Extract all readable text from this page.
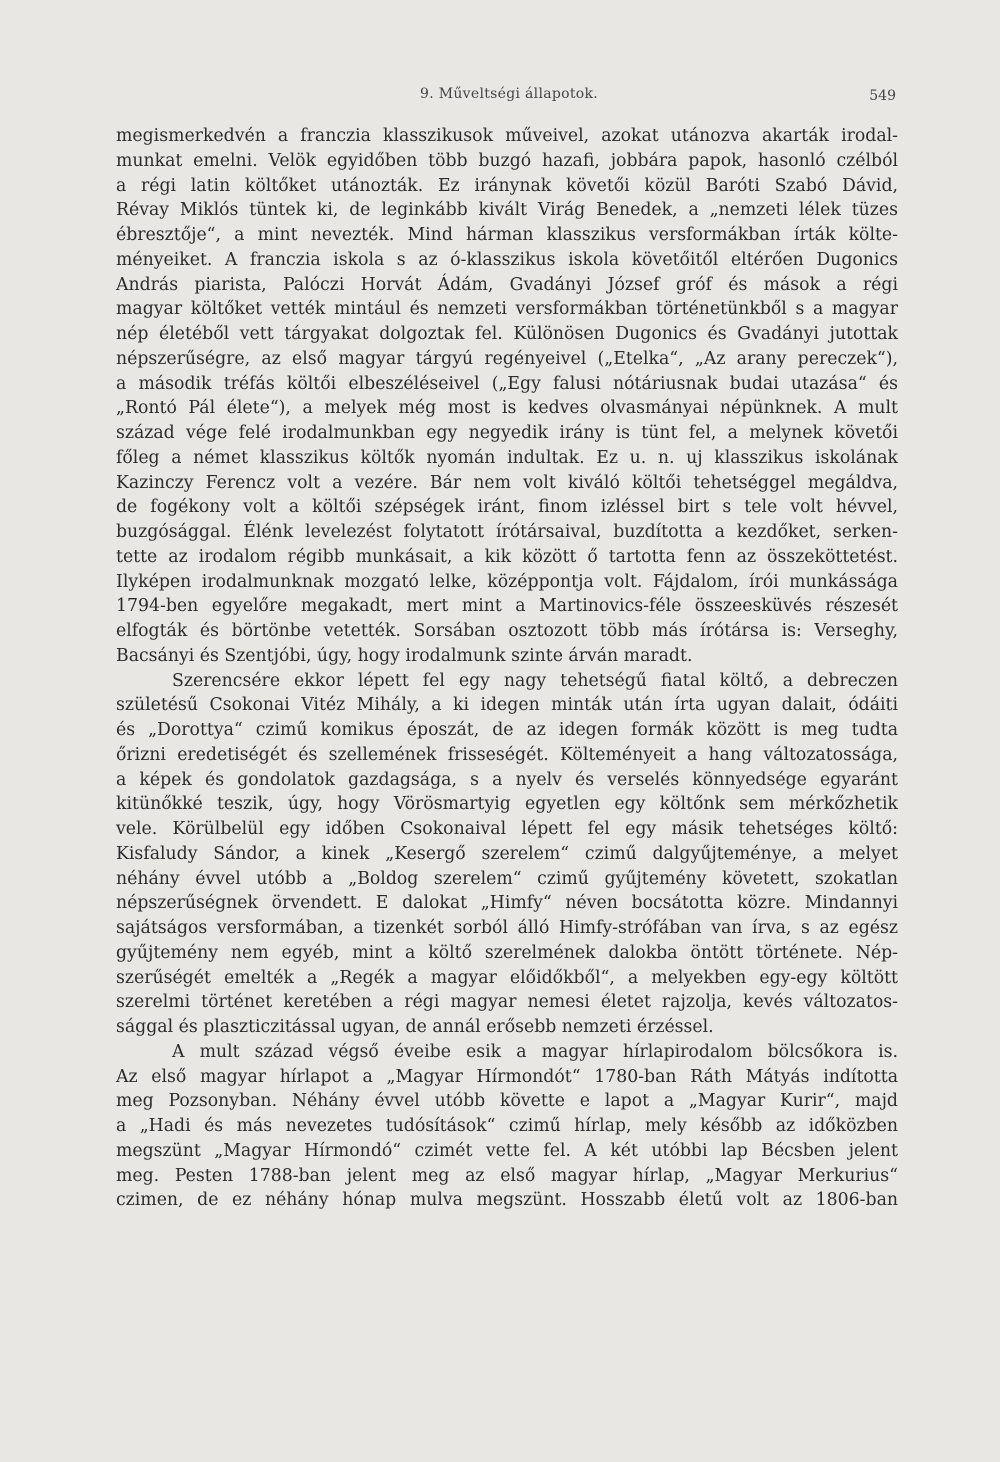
9. Műveltségi állapotok.	549
megismerkedvén a franczia klasszikusok műveivel, azokat utánozva akarták irodal-
munkat emelni. Velök egyidőben több buzgó hazafi, jobbára papok, hasonló czélból
a régi latin költőket utánozták. Ez iránynak követői közül Baróti Szabó Dávid,
Révay Miklós tüntek ki, de leginkább kivált Virág Benedek, a „nemzeti lélek tüzes
ébresztője“, a mint nevezték. Mind hárman klasszikus versformákban írták költe-
ményeiket. A franczia iskola s az ó-klasszikus iskola követőitől eltérően Dugonics
András piarista, Palóczi Horvát Ádám, Gvadányi József gróf és mások a régi
magyar költőket vették mintául és nemzeti versformákban történetünkből s a magyar
nép életéből vett tárgyakat dolgoztak fel. Különösen Dugonics és Gvadányi jutottak
népszerűségre, az első magyar tárgyú regényeivel („Etelka“, „Az arany pereczek“),
a második tréfás költői elbeszéléseivel („Egy falusi nótáriusnak budai utazása“ és
„Rontó Pál élete“), a melyek még most is kedves olvasmányai népünknek. A mult
század vége felé irodalmunkban egy negyedik irány is tünt fel, a melynek követői
főleg a német klasszikus költők nyomán indultak. Ez u. n. uj klasszikus iskolának
Kazinczy Ferencz volt a vezére. Bár nem volt kiváló költői tehetséggel megáldva,
de fogékony volt a költői szépségek iránt, finom izléssel birt s tele volt hévvel,
buzgósággal. Élénk levelezést folytatott írótársaival, buzdította a kezdőket, serken-
tette az irodalom régibb munkásait, a kik között ő tartotta fenn az összeköttetést.
Ilyképen irodalmunknak mozgató lelke, középpontja volt. Fájdalom, írói munkássága
1794-ben egyelőre megakadt, mert mint a Martinovics-féle összeesküvés részesét
elfogták és börtönbe vetették. Sorsában osztozott több más írótársa is: Verseghy,
Bacsányi és Szentjóbi, úgy, hogy irodalmunk szinte árván maradt.
Szerencsére ekkor lépett fel egy nagy tehetségű fiatal költő, a debreczen
születésű Csokonai Vitéz Mihály, a ki idegen minták után írta ugyan dalait, ódáiti
és „Dorottya“ czimű komikus époszát, de az idegen formák között is meg tudta
őrizni eredetiségét és szellemének frisseségét. Költeményeit a hang változatossága,
a képek és gondolatok gazdagsága, s a nyelv és verselés könnyedsége egyaránt
kitünőkké teszik, úgy, hogy Vörösmartyig egyetlen egy költőnk sem mérkőzhetik
vele. Körülbelül egy időben Csokonaival lépett fel egy másik tehetséges költő:
Kisfaludy Sándor, a kinek „Kesergő szerelem“ czimű dalgyűjteménye, a melyet
néhány évvel utóbb a „Boldog szerelem“ czimű gyűjtemény követett, szokatlan
népszerűségnek örvendett. E dalokat „Himfy“ néven bocsátotta közre. Mindannyi
sajátságos versformában, a tizenkét sorból álló Himfy-strófában van írva, s az egész
gyűjtemény nem egyéb, mint a költő szerelmének dalokba öntött története. Nép-
szerűségét emelték a „Regék a magyar előidőkből“, a melyekben egy-egy költött
szerelmi történet keretében a régi magyar nemesi életet rajzolja, kevés változatos-
sággal és plaszticzitással ugyan, de annál erősebb nemzeti érzéssel.
A mult század végső éveibe esik a magyar hírlapirodalom bölcsőkora is.
Az első magyar hírlapot a „Magyar Hírmondót“ 1780-ban Ráth Mátyás indította
meg Pozsonyban. Néhány évvel utóbb követte e lapot a „Magyar Kurir“, majd
a „Hadi és más nevezetes tudósítások“ czimű hírlap, mely később az időközben
megszünt „Magyar Hírmondó“ czimét vette fel. A két utóbbi lap Bécsben jelent
meg. Pesten 1788-ban jelent meg az első magyar hírlap, „Magyar Merkurius“
czimen, de ez néhány hónap mulva megszünt. Hosszabb életű volt az 1806-ban
